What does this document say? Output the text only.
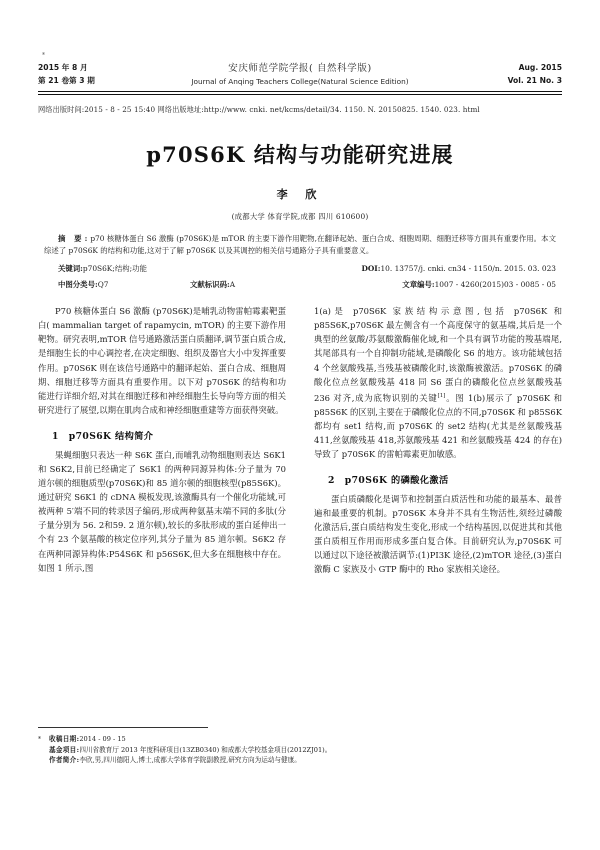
*
2015 年 8 月
第 21 卷第 3 期
安庆师范学院学报( 自然科学版)
Journal of Anqing Teachers College(Natural Science Edition)
Aug. 2015
Vol. 21 No. 3
网络出版时间:2015 - 8 - 25 15:40 网络出版地址:http://www. cnki. net/kcms/detail/34. 1150. N. 20150825. 1540. 023. html
p70S6K 结构与功能研究进展
李 欣
(成都大学 体育学院,成都 四川 610600)
摘 要:p70 核糖体蛋白 S6 激酶 (p70S6K)是 mTOR 的主要下游作用靶物,在翻译起始、蛋白合成、细胞周期、细胞迁移等方面具有重要作用。本文综述了 p70S6K 的结构和功能,这对于了解 p70S6K 以及其调控的相关信号通路分子具有重要意义。
关键词:p70S6K;结构;功能	DOI:10. 13757/j. cnki. cn34 - 1150/n. 2015. 03. 023
中图分类号:Q7	文献标识码:A	文章编号:1007 - 4260(2015)03 - 0085 - 05

P70 核糖体蛋白 S6 激酶 (p70S6K)是哺乳动物雷帕霉素靶蛋白( mammalian target of rapamycin, mTOR) 的主要下游作用靶物。研究表明,mTOR 信号通路激活蛋白质翻译,调节蛋白质合成,是细胞生长的中心调控者,在决定细胞、组织及器官大小中发挥重要作用。p70S6K 则在该信号通路中的翻译起始、蛋白合成、细胞周期、细胞迁移等方面具有重要作用。以下对 p70S6K 的结构和功能进行详细介绍,对其在细胞迁移和神经细胞生长导向等方面的相关研究进行了展望,以期在肌肉合成和神经细胞重建等方面获得突破。

1 p70S6K 结构简介

果蝇细胞只表达一种 S6K 蛋白,而哺乳动物细胞则表达 S6K1 和 S6K2,目前已经确定了 S6K1 的两种同源异构体:分子量为 70 道尔顿的细胞质型(p70S6K)和 85 道尔顿的细胞核型(p85S6K)。通过研究 S6K1 的 cDNA 模板发现,该激酶具有一个催化功能域,可被两种 5′端不同的转录因子编码,形成两种氨基末端不同的多肽(分子量分别为 56. 2和59. 2 道尔顿),较长的多肽形成的蛋白延伸出一个有 23 个氨基酸的核定位序列,其分子量为 85 道尔顿。S6K2 存在两种同源异构体:P54S6K 和 p56S6K,但大多在细胞核中存在。如图 1 所示,图

1(a)是 p70S6K 家族结构示意图,包括 p70S6K 和 p85S6K,p70S6K 最左侧含有一个高度保守的氨基端,其后是一个典型的丝氨酸/苏氨酸激酶催化域,和一个具有调节功能的羧基端尾,其尾部具有一个自抑制功能域,是磷酸化 S6 的地方。该功能域包括4 个丝氨酸残基,当残基被磷酸化时,该激酶被激活。p70S6K 的磷酸化位点丝氨酸残基 418 同 S6 蛋白的磷酸化位点丝氨酸残基 236 对齐,成为底物识别的关键[1]。图 1(b)展示了 p70S6K 和 p85S6K 的区别,主要在于磷酸化位点的不同,p70S6K 和 p85S6K 都均有 set1 结构,而 p70S6K 的 set2 结构(尤其是丝氨酸残基 411,丝氨酸残基 418,苏氨酸残基 421 和丝氨酸残基 424 的存在)导致了 p70S6K 的雷帕霉素更加敏感。

2 p70S6K 的磷酸化激活

蛋白质磷酸化是调节和控制蛋白质活性和功能的最基本、最普遍和最重要的机制。p70S6K 本身并不具有生物活性,须经过磷酸化激活后,蛋白质结构发生变化,形成一个结构基因,以促进其和其他蛋白质相互作用而形成多蛋白复合体。目前研究认为,p70S6K 可以通过以下途径被激活调节:(1)PI3K 途径,(2)mTOR 途径,(3)蛋白激酶 C 家族及小 GTP 酶中的 Rho 家族相关途径。

*	收稿日期:2014 - 09 - 15
基金项目:四川省教育厅 2013 年度科研项目(13ZB0340) 和成都大学校基金项目(2012ZJ01)。
作者简介:李欣,男,四川德阳人,博士,成都大学体育学院副教授,研究方向为运动与健康。
